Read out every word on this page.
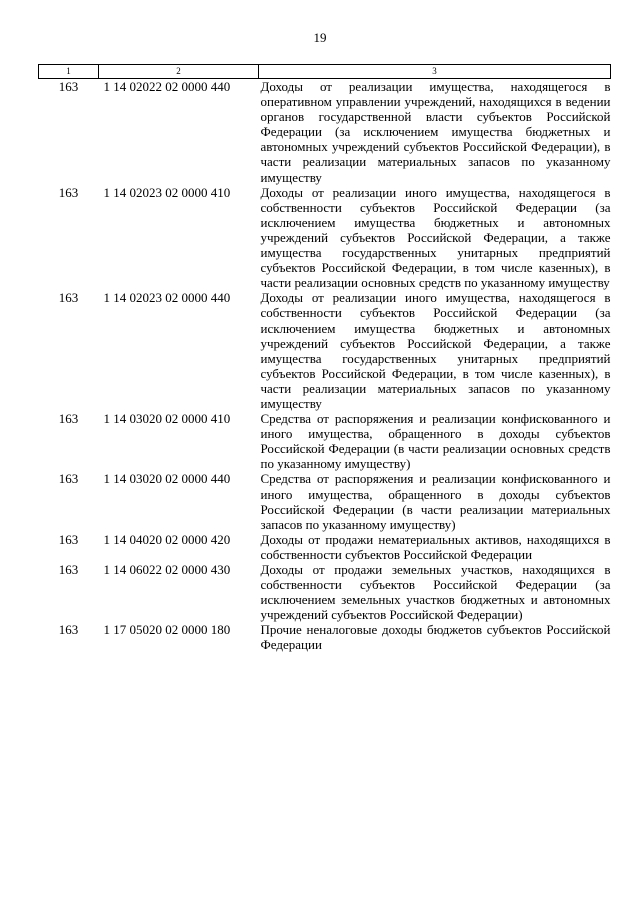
19
1	2	3
163	1 14 02022 02 0000 440	Доходы от реализации имущества, находящегося в оперативном управлении учреждений, находящихся в ведении органов государственной власти субъектов Российской Федерации (за исключением имущества бюджетных и автономных учреждений субъектов Российской Федерации), в части реализации материальных запасов по указанному имуществу
163	1 14 02023 02 0000 410	Доходы от реализации иного имущества, находящегося в собственности субъектов Российской Федерации (за исключением имущества бюджетных и автономных учреждений субъектов Российской Федерации, а также имущества государственных унитарных предприятий субъектов Российской Федерации, в том числе казенных), в части реализации основных средств по указанному имуществу
163	1 14 02023 02 0000 440	Доходы от реализации иного имущества, находящегося в собственности субъектов Российской Федерации (за исключением имущества бюджетных и автономных учреждений субъектов Российской Федерации, а также имущества государственных унитарных предприятий субъектов Российской Федерации, в том числе казенных), в части реализации материальных запасов по указанному имуществу
163	1 14 03020 02 0000 410	Средства от распоряжения и реализации конфискованного и иного имущества, обращенного в доходы субъектов Российской Федерации (в части реализации основных средств по указанному имуществу)
163	1 14 03020 02 0000 440	Средства от распоряжения и реализации конфискованного и иного имущества, обращенного в доходы субъектов Российской Федерации (в части реализации материальных запасов по указанному имуществу)
163	1 14 04020 02 0000 420	Доходы от продажи нематериальных активов, находящихся в собственности субъектов Российской Федерации
163	1 14 06022 02 0000 430	Доходы от продажи земельных участков, находящихся в собственности субъектов Российской Федерации (за исключением земельных участков бюджетных и автономных учреждений субъектов Российской Федерации)
163	1 17 05020 02 0000 180	Прочие неналоговые доходы бюджетов субъектов Российской Федерации
